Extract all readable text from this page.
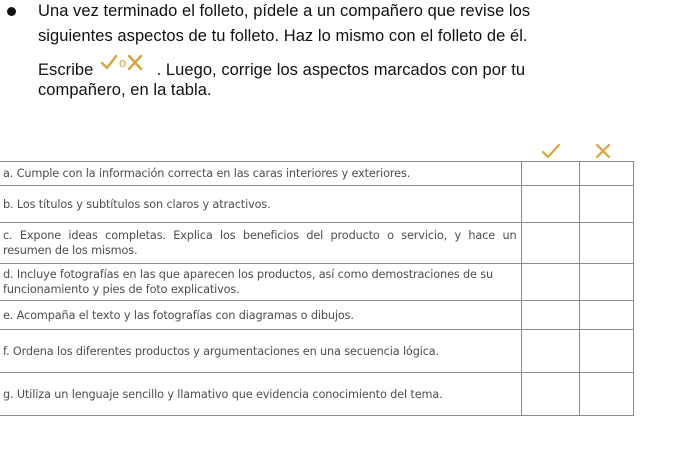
Una vez terminado el folleto, pídele a un compañero que revise los
siguientes aspectos de tu folleto. Haz lo mismo con el folleto de él.
Escribe o . Luego, corrige los aspectos marcados con por tu
compañero, en la tabla.
a. Cumple con la información correcta en las caras interiores y exteriores.		
b. Los títulos y subtítulos son claros y atractivos.		
c. Expone ideas completas. Explica los beneficios del producto o servicio, y hace un resumen de los mismos.		
d. Incluye fotografías en las que aparecen los productos, así como demostraciones de su funcionamiento y pies de foto explicativos.		
e. Acompaña el texto y las fotografías con diagramas o dibujos.		
f. Ordena los diferentes productos y argumentaciones en una secuencia lógica.		
g. Utiliza un lenguaje sencillo y llamativo que evidencia conocimiento del tema.		
